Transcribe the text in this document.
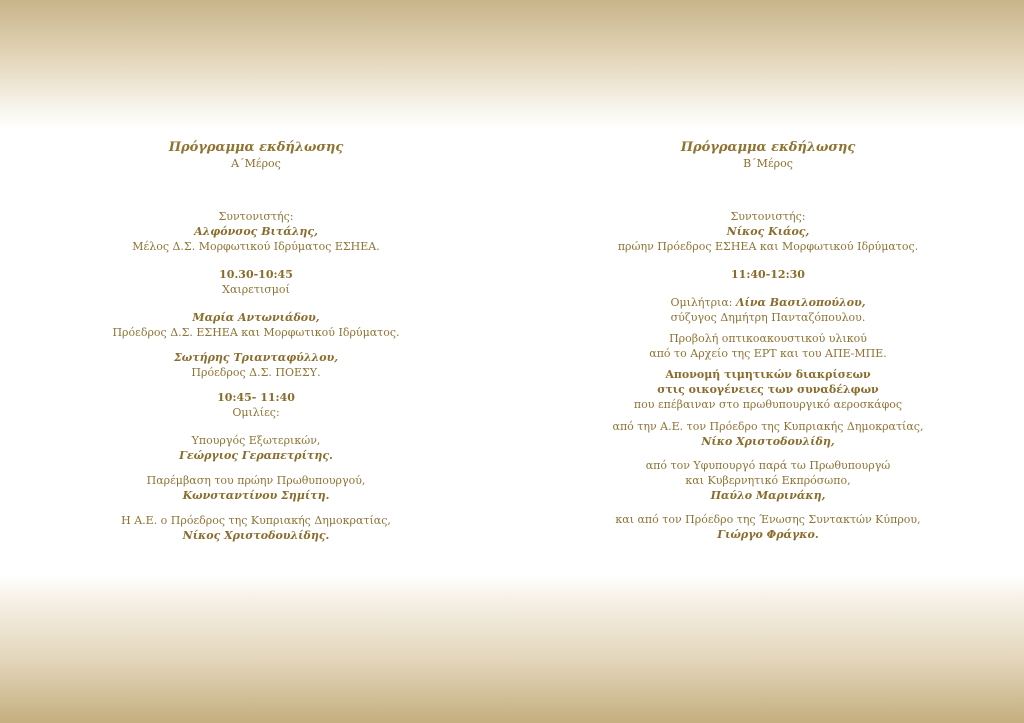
Πρόγραμμα εκδήλωσης
Α΄Μέρος
Συντονιστής:
Αλφόνσος Βιτάλης,
Μέλος Δ.Σ. Μορφωτικού Ιδρύματος ΕΣΗΕΑ.
10.30-10:45
Χαιρετισμοί
Μαρία Αντωνιάδου,
Πρόεδρος Δ.Σ. ΕΣΗΕΑ και Μορφωτικού Ιδρύματος.
Σωτήρης Τριανταφύλλου,
Πρόεδρος Δ.Σ. ΠΟΕΣΥ.
10:45- 11:40
Ομιλίες:
Υπουργός Εξωτερικών,
Γεώργιος Γεραπετρίτης.
Παρέμβαση του πρώην Πρωθυπουργού,
Κωνσταντίνου Σημίτη.
Η Α.Ε. ο Πρόεδρος της Κυπριακής Δημοκρατίας,
Νίκος Χριστοδουλίδης.
Πρόγραμμα εκδήλωσης
Β΄Μέρος
Συντονιστής:
Νίκος Κιάος,
πρώην Πρόεδρος ΕΣΗΕΑ και Μορφωτικού Ιδρύματος.
11:40-12:30
Ομιλήτρια: Λίνα Βασιλοπούλου,
σύζυγος Δημήτρη Πανταζόπουλου.
Προβολή οπτικοακουστικού υλικού
από το Αρχείο της ΕΡΤ και του ΑΠΕ-ΜΠΕ.
Απονομή τιμητικών διακρίσεων
στις οικογένειες των συναδέλφων
που επέβαιναν στο πρωθυπουργικό αεροσκάφος
από την Α.Ε. τον Πρόεδρο της Κυπριακής Δημοκρατίας,
Νίκο Χριστοδουλίδη,
από τον Υφυπουργό παρά τω Πρωθυπουργώ
και Κυβερνητικό Εκπρόσωπο,
Παύλο Μαρινάκη,
και από τον Πρόεδρο της Ένωσης Συντακτών Κύπρου,
Γιώργο Φράγκο.
